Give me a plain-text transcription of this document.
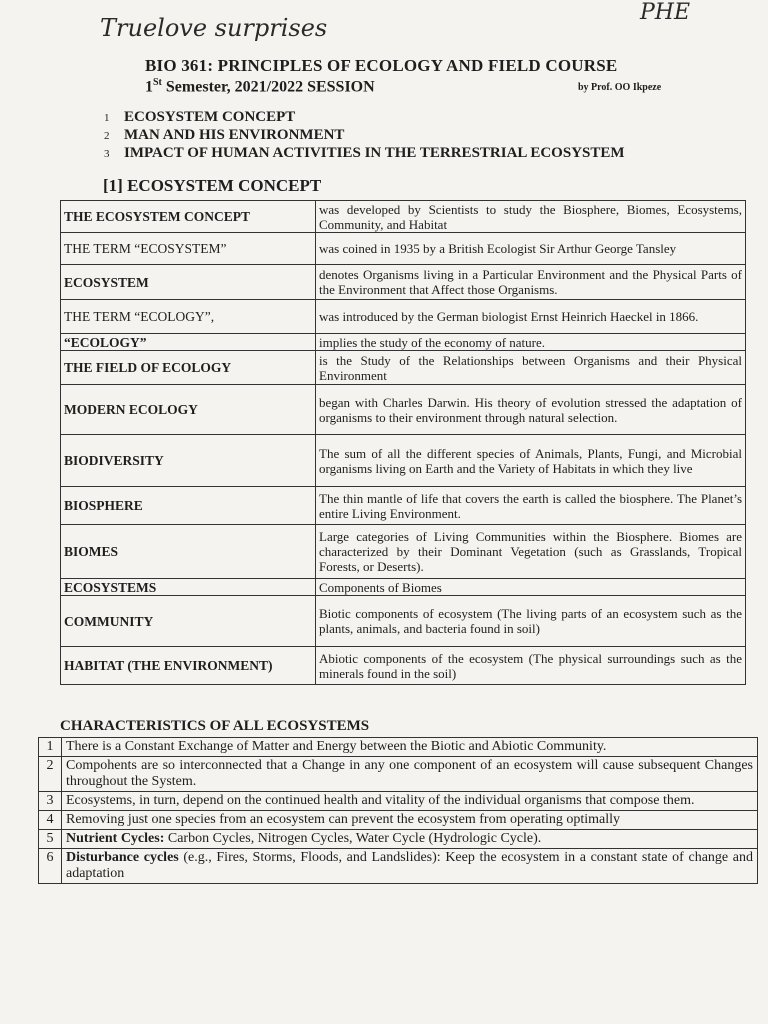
Truelove surprises
PHE
BIO 361: PRINCIPLES OF ECOLOGY AND FIELD COURSE
1St Semester, 2021/2022 SESSION	by Prof. OO Ikpeze
1 ECOSYSTEM CONCEPT
2 MAN AND HIS ENVIRONMENT
3 IMPACT OF HUMAN ACTIVITIES IN THE TERRESTRIAL ECOSYSTEM
[1] ECOSYSTEM CONCEPT
THE ECOSYSTEM CONCEPT	was developed by Scientists to study the Biosphere, Biomes, Ecosystems, Community, and Habitat
THE TERM “ECOSYSTEM”	was coined in 1935 by a British Ecologist Sir Arthur George Tansley
ECOSYSTEM	denotes Organisms living in a Particular Environment and the Physical Parts of the Environment that Affect those Organisms.
THE TERM “ECOLOGY”,	was introduced by the German biologist Ernst Heinrich Haeckel in 1866.
“ECOLOGY”	implies the study of the economy of nature.
THE FIELD OF ECOLOGY	is the Study of the Relationships between Organisms and their Physical Environment
MODERN ECOLOGY	began with Charles Darwin. His theory of evolution stressed the adaptation of organisms to their environment through natural selection.
BIODIVERSITY	The sum of all the different species of Animals, Plants, Fungi, and Microbial organisms living on Earth and the Variety of Habitats in which they live
BIOSPHERE	The thin mantle of life that covers the earth is called the biosphere. The Planet’s entire Living Environment.
BIOMES	Large categories of Living Communities within the Biosphere. Biomes are characterized by their Dominant Vegetation (such as Grasslands, Tropical Forests, or Deserts).
ECOSYSTEMS	Components of Biomes
COMMUNITY	Biotic components of ecosystem (The living parts of an ecosystem such as the plants, animals, and bacteria found in soil)
HABITAT (THE ENVIRONMENT)	Abiotic components of the ecosystem (The physical surroundings such as the minerals found in the soil)
CHARACTERISTICS OF ALL ECOSYSTEMS
1	There is a Constant Exchange of Matter and Energy between the Biotic and Abiotic Community.
2	Compohents are so interconnected that a Change in any one component of an ecosystem will cause subsequent Changes throughout the System.
3	Ecosystems, in turn, depend on the continued health and vitality of the individual organisms that compose them.
4	Removing just one species from an ecosystem can prevent the ecosystem from operating optimally
5	Nutrient Cycles: Carbon Cycles, Nitrogen Cycles, Water Cycle (Hydrologic Cycle).
6	Disturbance cycles (e.g., Fires, Storms, Floods, and Landslides): Keep the ecosystem in a constant state of change and adaptation
